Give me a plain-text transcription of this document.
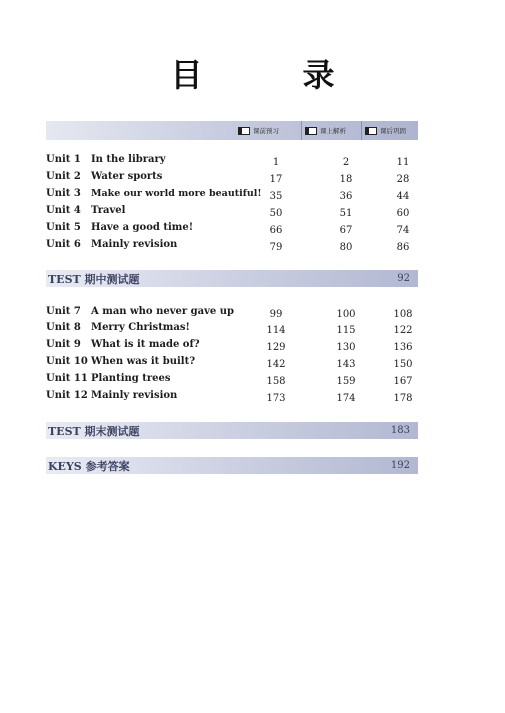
目　录
课前预习	课上解析	课后巩固
Unit 1 In the library	1	2	11
Unit 2 Water sports	17	18	28
Unit 3 Make our world more beautiful! 35	36	44
Unit 4 Travel	50	51	60
Unit 5 Have a good time!	66	67	74
Unit 6 Mainly revision	79	80	86
TEST 期中测试题	92
Unit 7 A man who never gave up	99	100	108
Unit 8 Merry Christmas!	114	115	122
Unit 9 What is it made of?	129	130	136
Unit 10 When was it built?	142	143	150
Unit 11 Planting trees	158	159	167
Unit 12 Mainly revision	173	174	178
TEST 期末测试题	183
KEYS 参考答案	192
